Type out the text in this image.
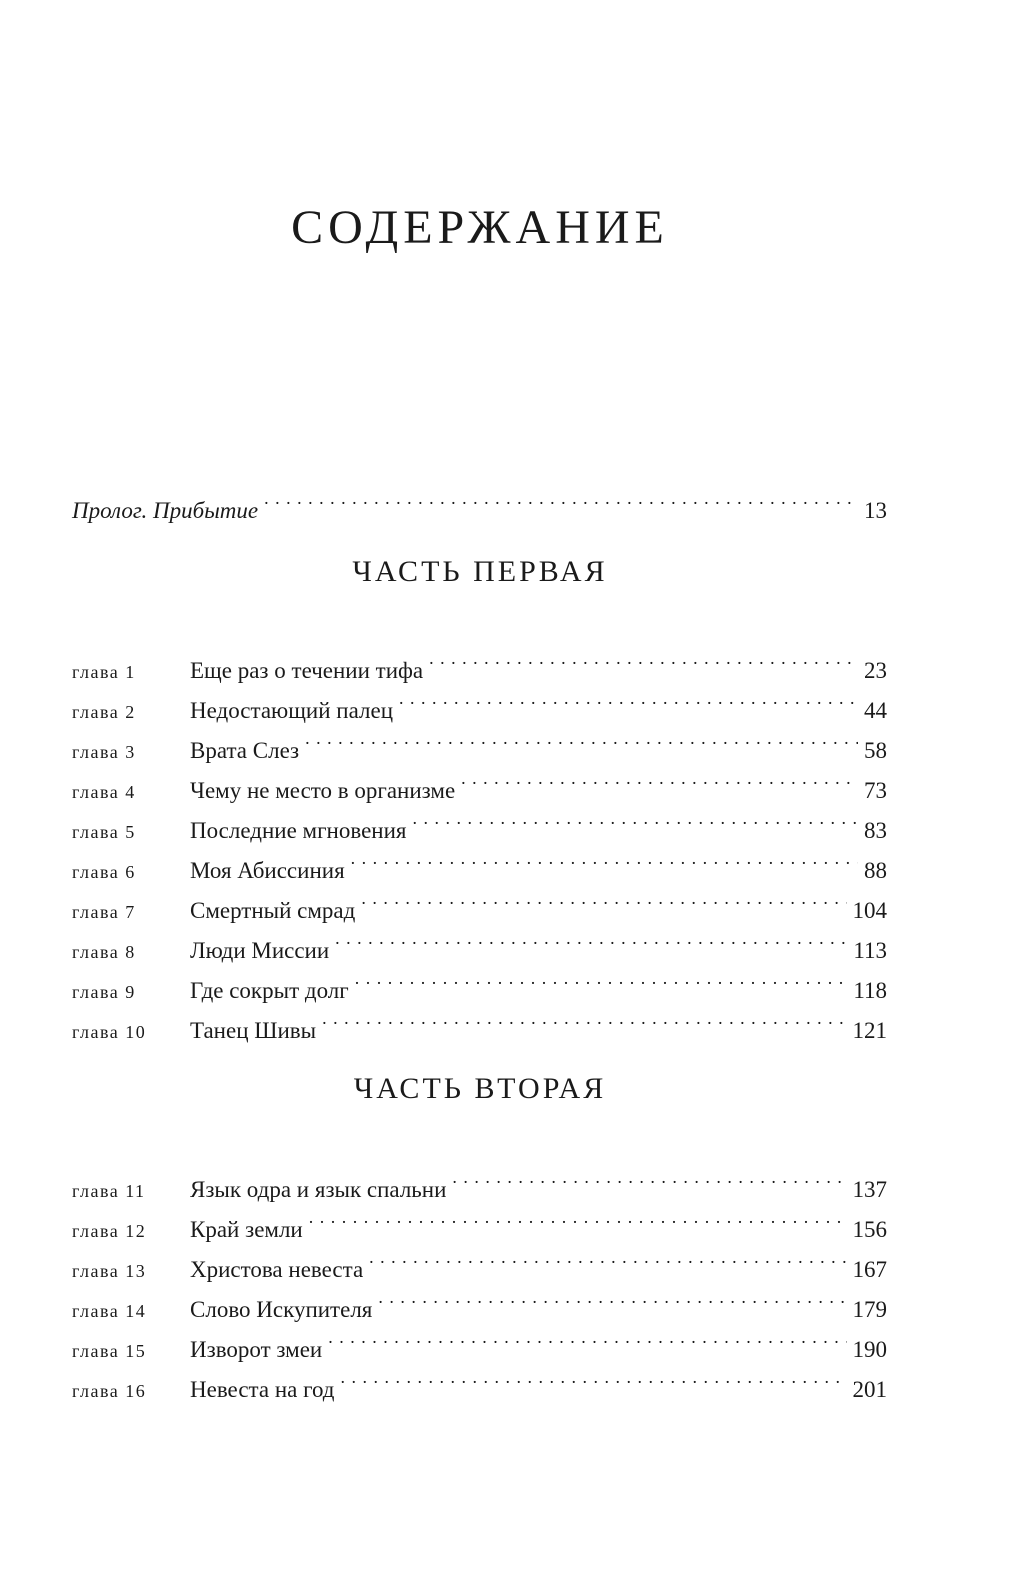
СОДЕРЖАНИЕ
Пролог. Прибытие . . .	13
ЧАСТЬ ПЕРВАЯ
глава 1	Еще раз о течении тифа . . .	23
глава 2	Недостающий палец . . .	44
глава 3	Врата Слез . . .	58
глава 4	Чему не место в организме . . .	73
глава 5	Последние мгновения . . .	83
глава 6	Моя Абиссиния . . .	88
глава 7	Смертный смрад . . .	104
глава 8	Люди Миссии . . .	113
глава 9	Где сокрыт долг . . .	118
глава 10	Танец Шивы . . .	121
ЧАСТЬ ВТОРАЯ
глава 11	Язык одра и язык спальни . . .	137
глава 12	Край земли . . .	156
глава 13	Христова невеста . . .	167
глава 14	Слово Искупителя . . .	179
глава 15	Изворот змеи . . .	190
глава 16	Невеста на год . . .	201
